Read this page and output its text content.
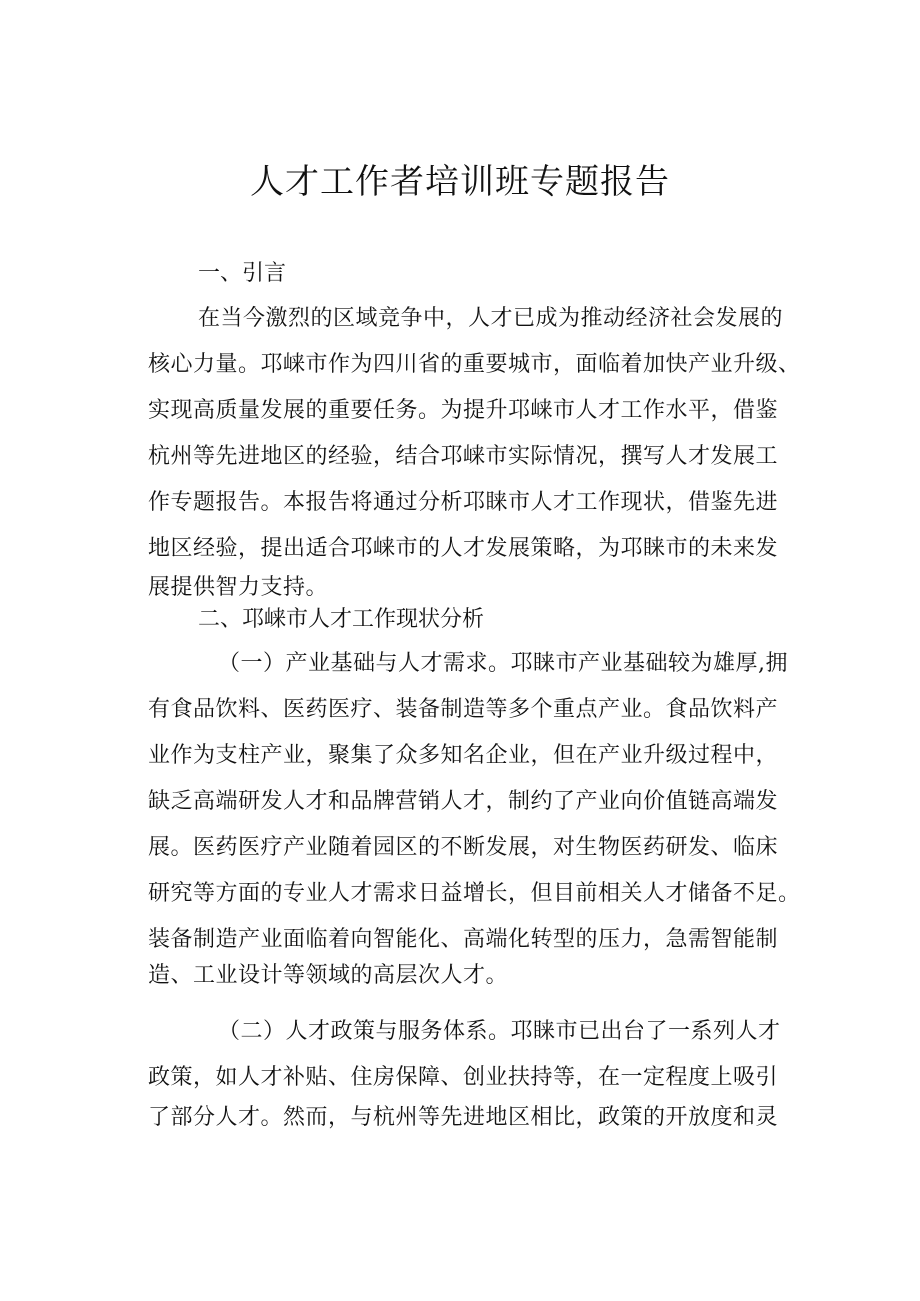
人才工作者培训班专题报告
一、引言
在当今激烈的区域竞争中，人才已成为推动经济社会发展的
核心力量。邛崃市作为四川省的重要城市，面临着加快产业升级、
实现高质量发展的重要任务。为提升邛崃市人才工作水平，借鉴
杭州等先进地区的经验，结合邛崃市实际情况，撰写人才发展工
作专题报告。本报告将通过分析邛睐市人才工作现状，借鉴先进
地区经验，提出适合邛崃市的人才发展策略，为邛睐市的未来发
展提供智力支持。
二、邛崃市人才工作现状分析
（一）产业基础与人才需求。邛睐市产业基础较为雄厚,拥
有食品饮料、医药医疗、装备制造等多个重点产业。食品饮料产
业作为支柱产业，聚集了众多知名企业，但在产业升级过程中，
缺乏高端研发人才和品牌营销人才，制约了产业向价值链高端发
展。医药医疗产业随着园区的不断发展，对生物医药研发、临床
研究等方面的专业人才需求日益增长，但目前相关人才储备不足。
装备制造产业面临着向智能化、高端化转型的压力，急需智能制
造、工业设计等领域的高层次人才。
（二）人才政策与服务体系。邛睐市已出台了一系列人才
政策，如人才补贴、住房保障、创业扶持等，在一定程度上吸引
了部分人才。然而，与杭州等先进地区相比，政策的开放度和灵
